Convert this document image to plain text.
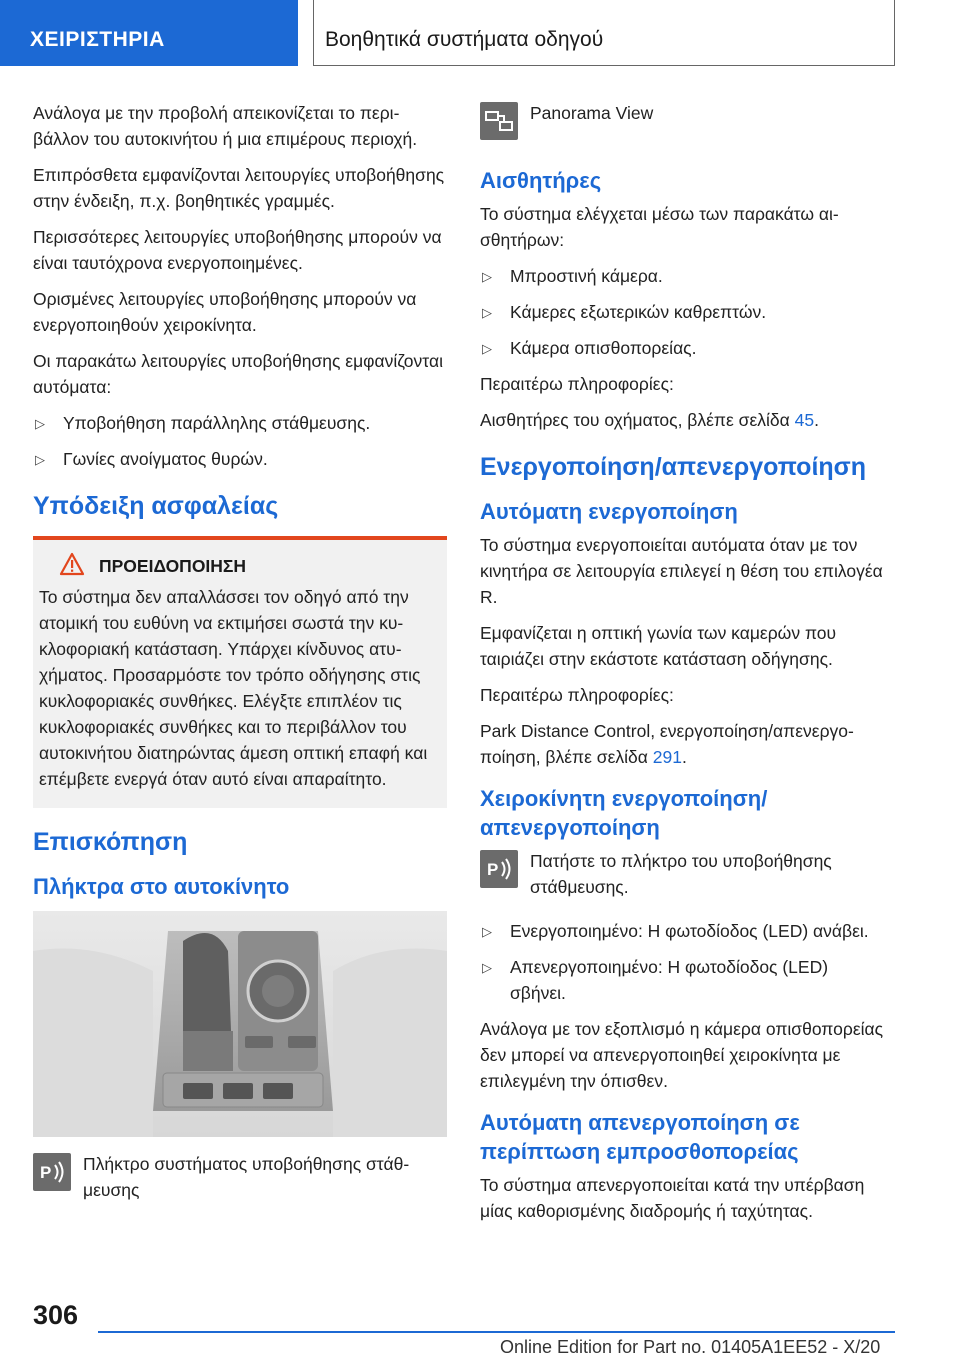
ΧΕΙΡΙΣΤΗΡΙΑ	Βοηθητικά συστήματα οδηγού

Ανάλογα με την προβολή απεικονίζεται το περιβάλλον του αυτοκινήτου ή μια επιμέρους περιοχή.

Επιπρόσθετα εμφανίζονται λειτουργίες υποβοήθησης στην ένδειξη, π.χ. βοηθητικές γραμμές.

Περισσότερες λειτουργίες υποβοήθησης μπορούν να είναι ταυτόχρονα ενεργοποιημένες.

Ορισμένες λειτουργίες υποβοήθησης μπορούν να ενεργοποιηθούν χειροκίνητα.

Οι παρακάτω λειτουργίες υποβοήθησης εμφανίζονται αυτόματα:

▷ Υποβοήθηση παράλληλης στάθμευσης.
▷ Γωνίες ανοίγματος θυρών.
Υπόδειξη ασφαλείας
ΠΡΟΕΙΔΟΠΟΙΗΣΗ

Το σύστημα δεν απαλλάσσει τον οδηγό από την ατομική του ευθύνη να εκτιμήσει σωστά την κυκλοφοριακή κατάσταση. Υπάρχει κίνδυνος ατυχήματος. Προσαρμόστε τον τρόπο οδήγησης στις κυκλοφοριακές συνθήκες. Ελέγξτε επιπλέον τις κυκλοφοριακές συνθήκες και το περιβάλλον του αυτοκινήτου διατηρώντας άμεση οπτική επαφή και επέμβετε ενεργά όταν αυτό είναι απαραίτητο.

Επισκόπηση
Πλήκτρα στο αυτοκίνητο
P Πλήκτρο συστήματος υποβοήθησης στάθμευσης
Panorama View
Αισθητήρες

Το σύστημα ελέγχεται μέσω των παρακάτω αισθητήρων:

▷ Μπροστινή κάμερα.
▷ Κάμερες εξωτερικών καθρεπτών.
▷ Κάμερα οπισθοπορείας.

Περαιτέρω πληροφορίες:

Αισθητήρες του οχήματος, βλέπε σελίδα 45.

Ενεργοποίηση/απενεργοποίηση
Αυτόματη ενεργοποίηση

Το σύστημα ενεργοποιείται αυτόματα όταν με τον κινητήρα σε λειτουργία επιλεγεί η θέση του επιλογέα R.

Εμφανίζεται η οπτική γωνία των καμερών που ταιριάζει στην εκάστοτε κατάσταση οδήγησης.

Περαιτέρω πληροφορίες:

Park Distance Control, ενεργοποίηση/απενεργοποίηση, βλέπε σελίδα 291.

Χειροκίνητη ενεργοποίηση/ απενεργοποίηση
P Πατήστε το πλήκτρο του υποβοήθησης στάθμευσης.
▷ Ενεργοποιημένο: Η φωτοδίοδος (LED) ανάβει.
▷ Απενεργοποιημένο: Η φωτοδίοδος (LED) σβήνει.

Ανάλογα με τον εξοπλισμό η κάμερα οπισθοπορείας δεν μπορεί να απενεργοποιηθεί χειροκίνητα με επιλεγμένη την όπισθεν.

Αυτόματη απενεργοποίηση σε περίπτωση εμπροσθοπορείας

Το σύστημα απενεργοποιείται κατά την υπέρβαση μίας καθορισμένης διαδρομής ή ταχύτητας.

306
Online Edition for Part no. 01405A1EE52 - X/20
